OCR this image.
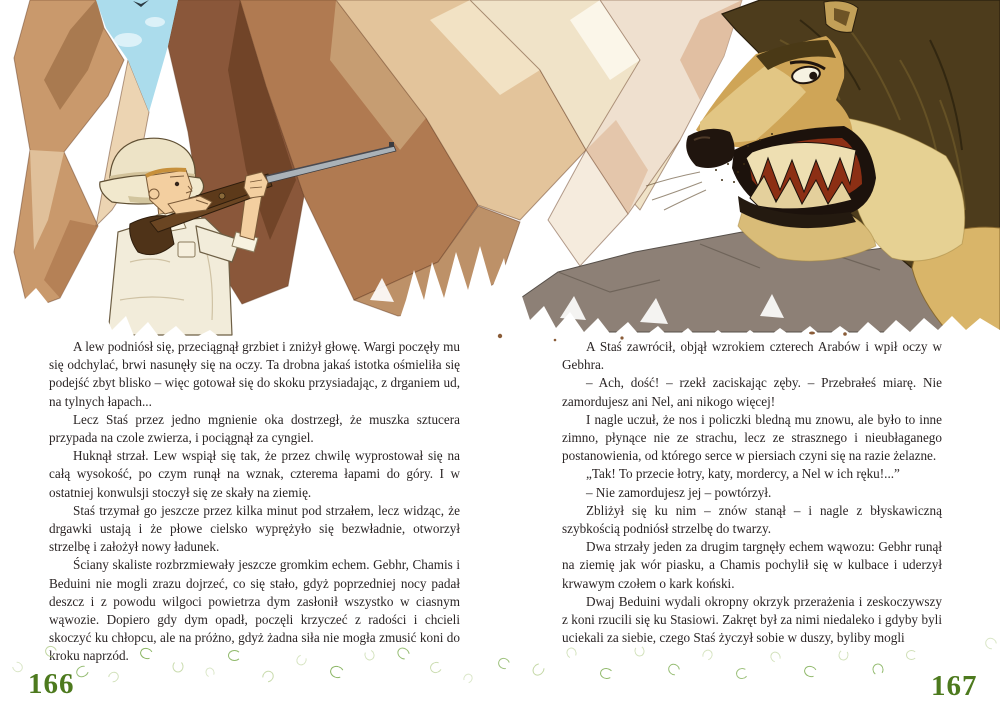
A lew podniósł się, przeciągnął grzbiet i zniżył głowę. Wargi poczęły mu się odchylać, brwi nasunęły się na oczy. Ta drobna jakaś istotka ośmieliła się podejść zbyt blisko – więc gotował się do skoku przysiadając, z drganiem ud, na tylnych łapach...

Lecz Staś przez jedno mgnienie oka dostrzegł, że muszka sztucera przypada na czole zwierza, i pociągnął za cyngiel.

Huknął strzał. Lew wspiął się tak, że przez chwilę wyprostował się na całą wysokość, po czym runął na wznak, czterema łapami do góry. I w ostatniej konwulsji stoczył się ze skały na ziemię.

Staś trzymał go jeszcze przez kilka minut pod strzałem, lecz widząc, że drgawki ustają i że płowe cielsko wyprężyło się bezwładnie, otworzył strzelbę i założył nowy ładunek.

Ściany skaliste rozbrzmiewały jeszcze gromkim echem. Gebhr, Chamis i Beduini nie mogli zrazu dojrzeć, co się stało, gdyż poprzedniej nocy padał deszcz i z powodu wilgoci powietrza dym zasłonił wszystko w ciasnym wąwozie. Dopiero gdy dym opadł, poczęli krzyczeć z radości i chcieli skoczyć ku chłopcu, ale na próżno, gdyż żadna siła nie mogła zmusić koni do kroku naprzód.

A Staś zawrócił, objął wzrokiem czterech Arabów i wpił oczy w Gebhra.

– Ach, dość! – rzekł zaciskając zęby. – Przebrałeś miarę. Nie zamordujesz ani Nel, ani nikogo więcej!

I nagle uczuł, że nos i policzki bledną mu znowu, ale było to inne zimno, płynące nie ze strachu, lecz ze strasznego i nieubłaganego postanowienia, od którego serce w piersiach czyni się na razie żelazne.

„Tak! To przecie łotry, katy, mordercy, a Nel w ich ręku!...”

– Nie zamordujesz jej – powtórzył.

Zbliżył się ku nim – znów stanął – i nagle z błyskawiczną szybkością podniósł strzelbę do twarzy.

Dwa strzały jeden za drugim targnęły echem wąwozu: Gebhr runął na ziemię jak wór piasku, a Chamis pochylił się w kulbace i uderzył krwawym czołem o kark koński.

Dwaj Beduini wydali okropny okrzyk przerażenia i zeskoczywszy z koni rzucili się ku Stasiowi. Zakręt był za nimi niedaleko i gdyby byli uciekali za siebie, czego Staś życzył sobie w duszy, byliby mogli

166	167
